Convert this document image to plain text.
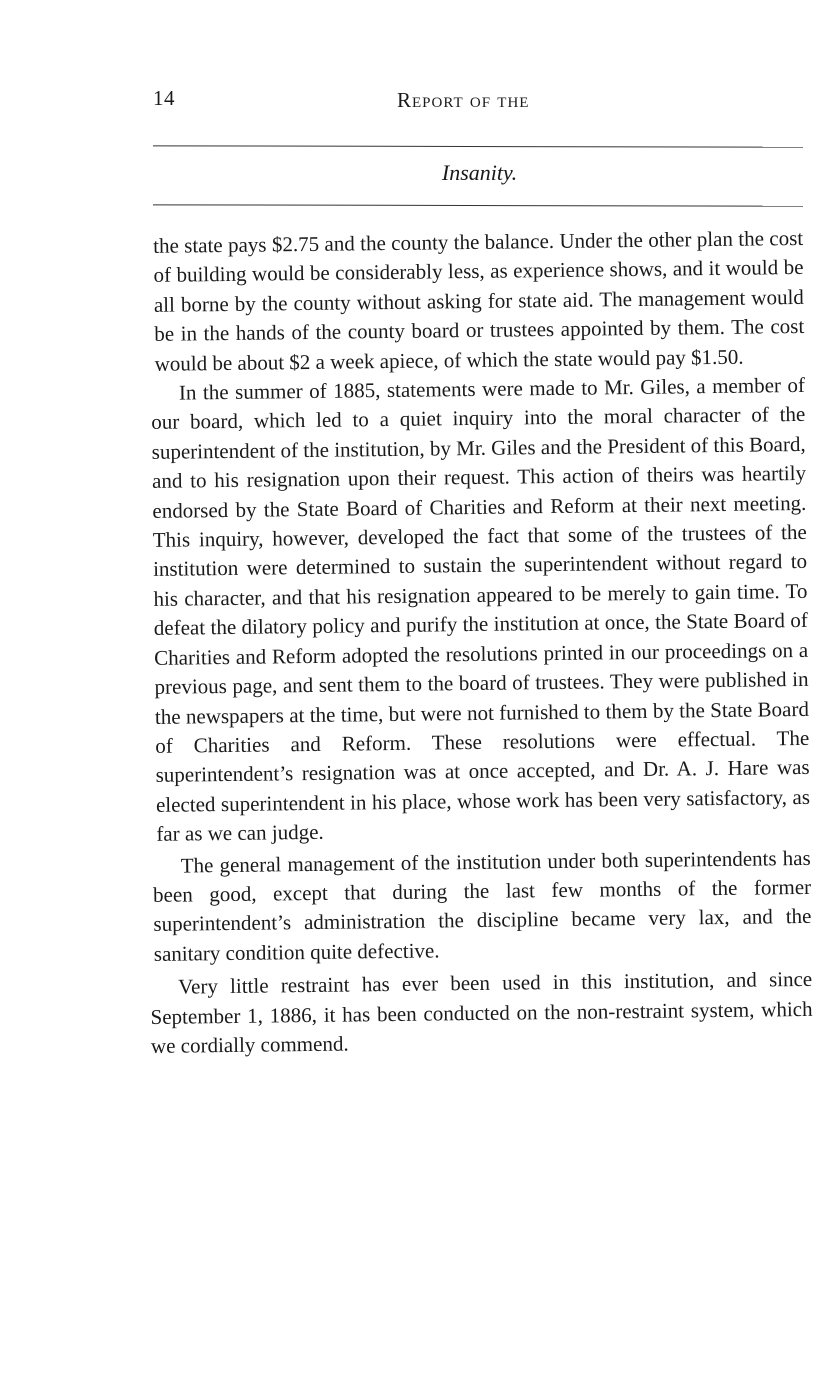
14	Report of the
Insanity.

the state pays $2.75 and the county the balance. Under the other plan the cost of building would be considerably less, as experience shows, and it would be all borne by the county without asking for state aid. The management would be in the hands of the county board or trustees appointed by them. The cost would be about $2 a week apiece, of which the state would pay $1.50.

In the summer of 1885, statements were made to Mr. Giles, a member of our board, which led to a quiet inquiry into the moral character of the superintendent of the institution, by Mr. Giles and the President of this Board, and to his resignation upon their request. This action of theirs was heartily endorsed by the State Board of Charities and Reform at their next meeting. This inquiry, however, developed the fact that some of the trustees of the institution were determined to sustain the superintendent without regard to his character, and that his resignation appeared to be merely to gain time. To defeat the dilatory policy and purify the institution at once, the State Board of Charities and Reform adopted the resolutions printed in our proceedings on a previous page, and sent them to the board of trustees. They were published in the newspapers at the time, but were not furnished to them by the State Board of Charities and Reform. These resolutions were effectual. The superintendent’s resignation was at once accepted, and Dr. A. J. Hare was elected superintendent in his place, whose work has been very satisfactory, as far as we can judge.

The general management of the institution under both superintendents has been good, except that during the last few months of the former superintendent’s administration the discipline became very lax, and the sanitary condition quite defective.

Very little restraint has ever been used in this institution, and since September 1, 1886, it has been conducted on the non-restraint system, which we cordially commend.
